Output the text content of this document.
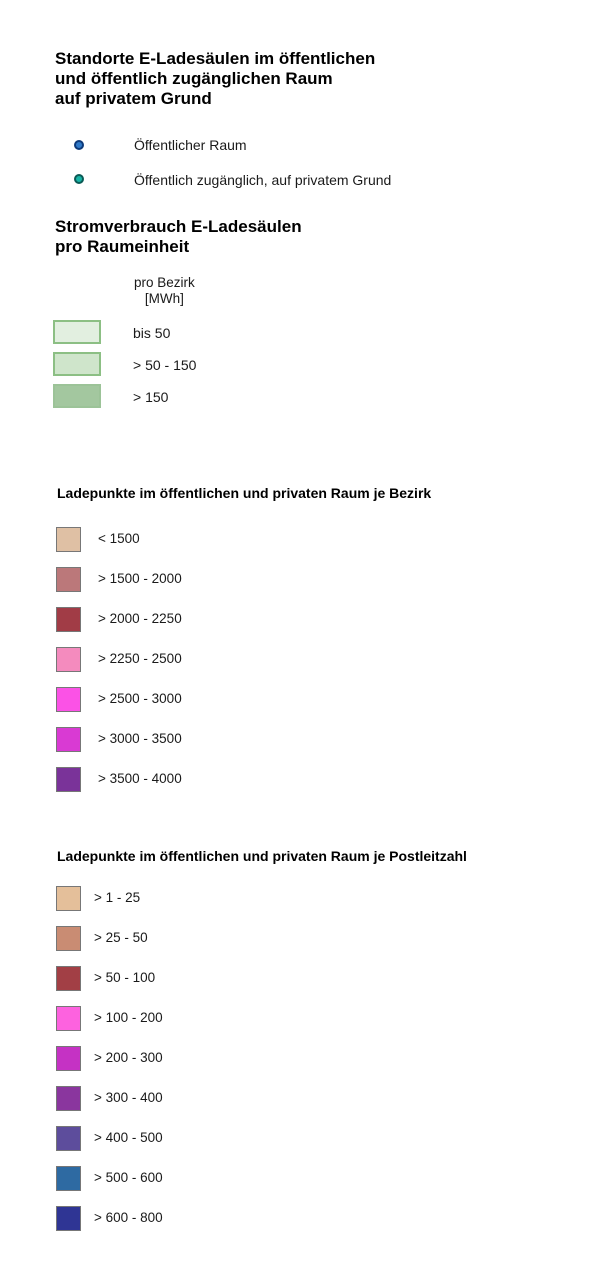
Standorte E-Ladesäulen im öffentlichen
und öffentlich zugänglichen Raum
auf privatem Grund
Öffentlicher Raum
Öffentlich zugänglich, auf privatem Grund
Stromverbrauch E-Ladesäulen
pro Raumeinheit
pro Bezirk
[MWh]
bis 50
> 50 - 150
> 150
Ladepunkte im öffentlichen und privaten Raum je Bezirk
< 1500
> 1500 - 2000
> 2000 - 2250
> 2250 - 2500
> 2500 - 3000
> 3000 - 3500
> 3500 - 4000
Ladepunkte im öffentlichen und privaten Raum je Postleitzahl
> 1 - 25
> 25 - 50
> 50 - 100
> 100 - 200
> 200 - 300
> 300 - 400
> 400 - 500
> 500 - 600
> 600 - 800
